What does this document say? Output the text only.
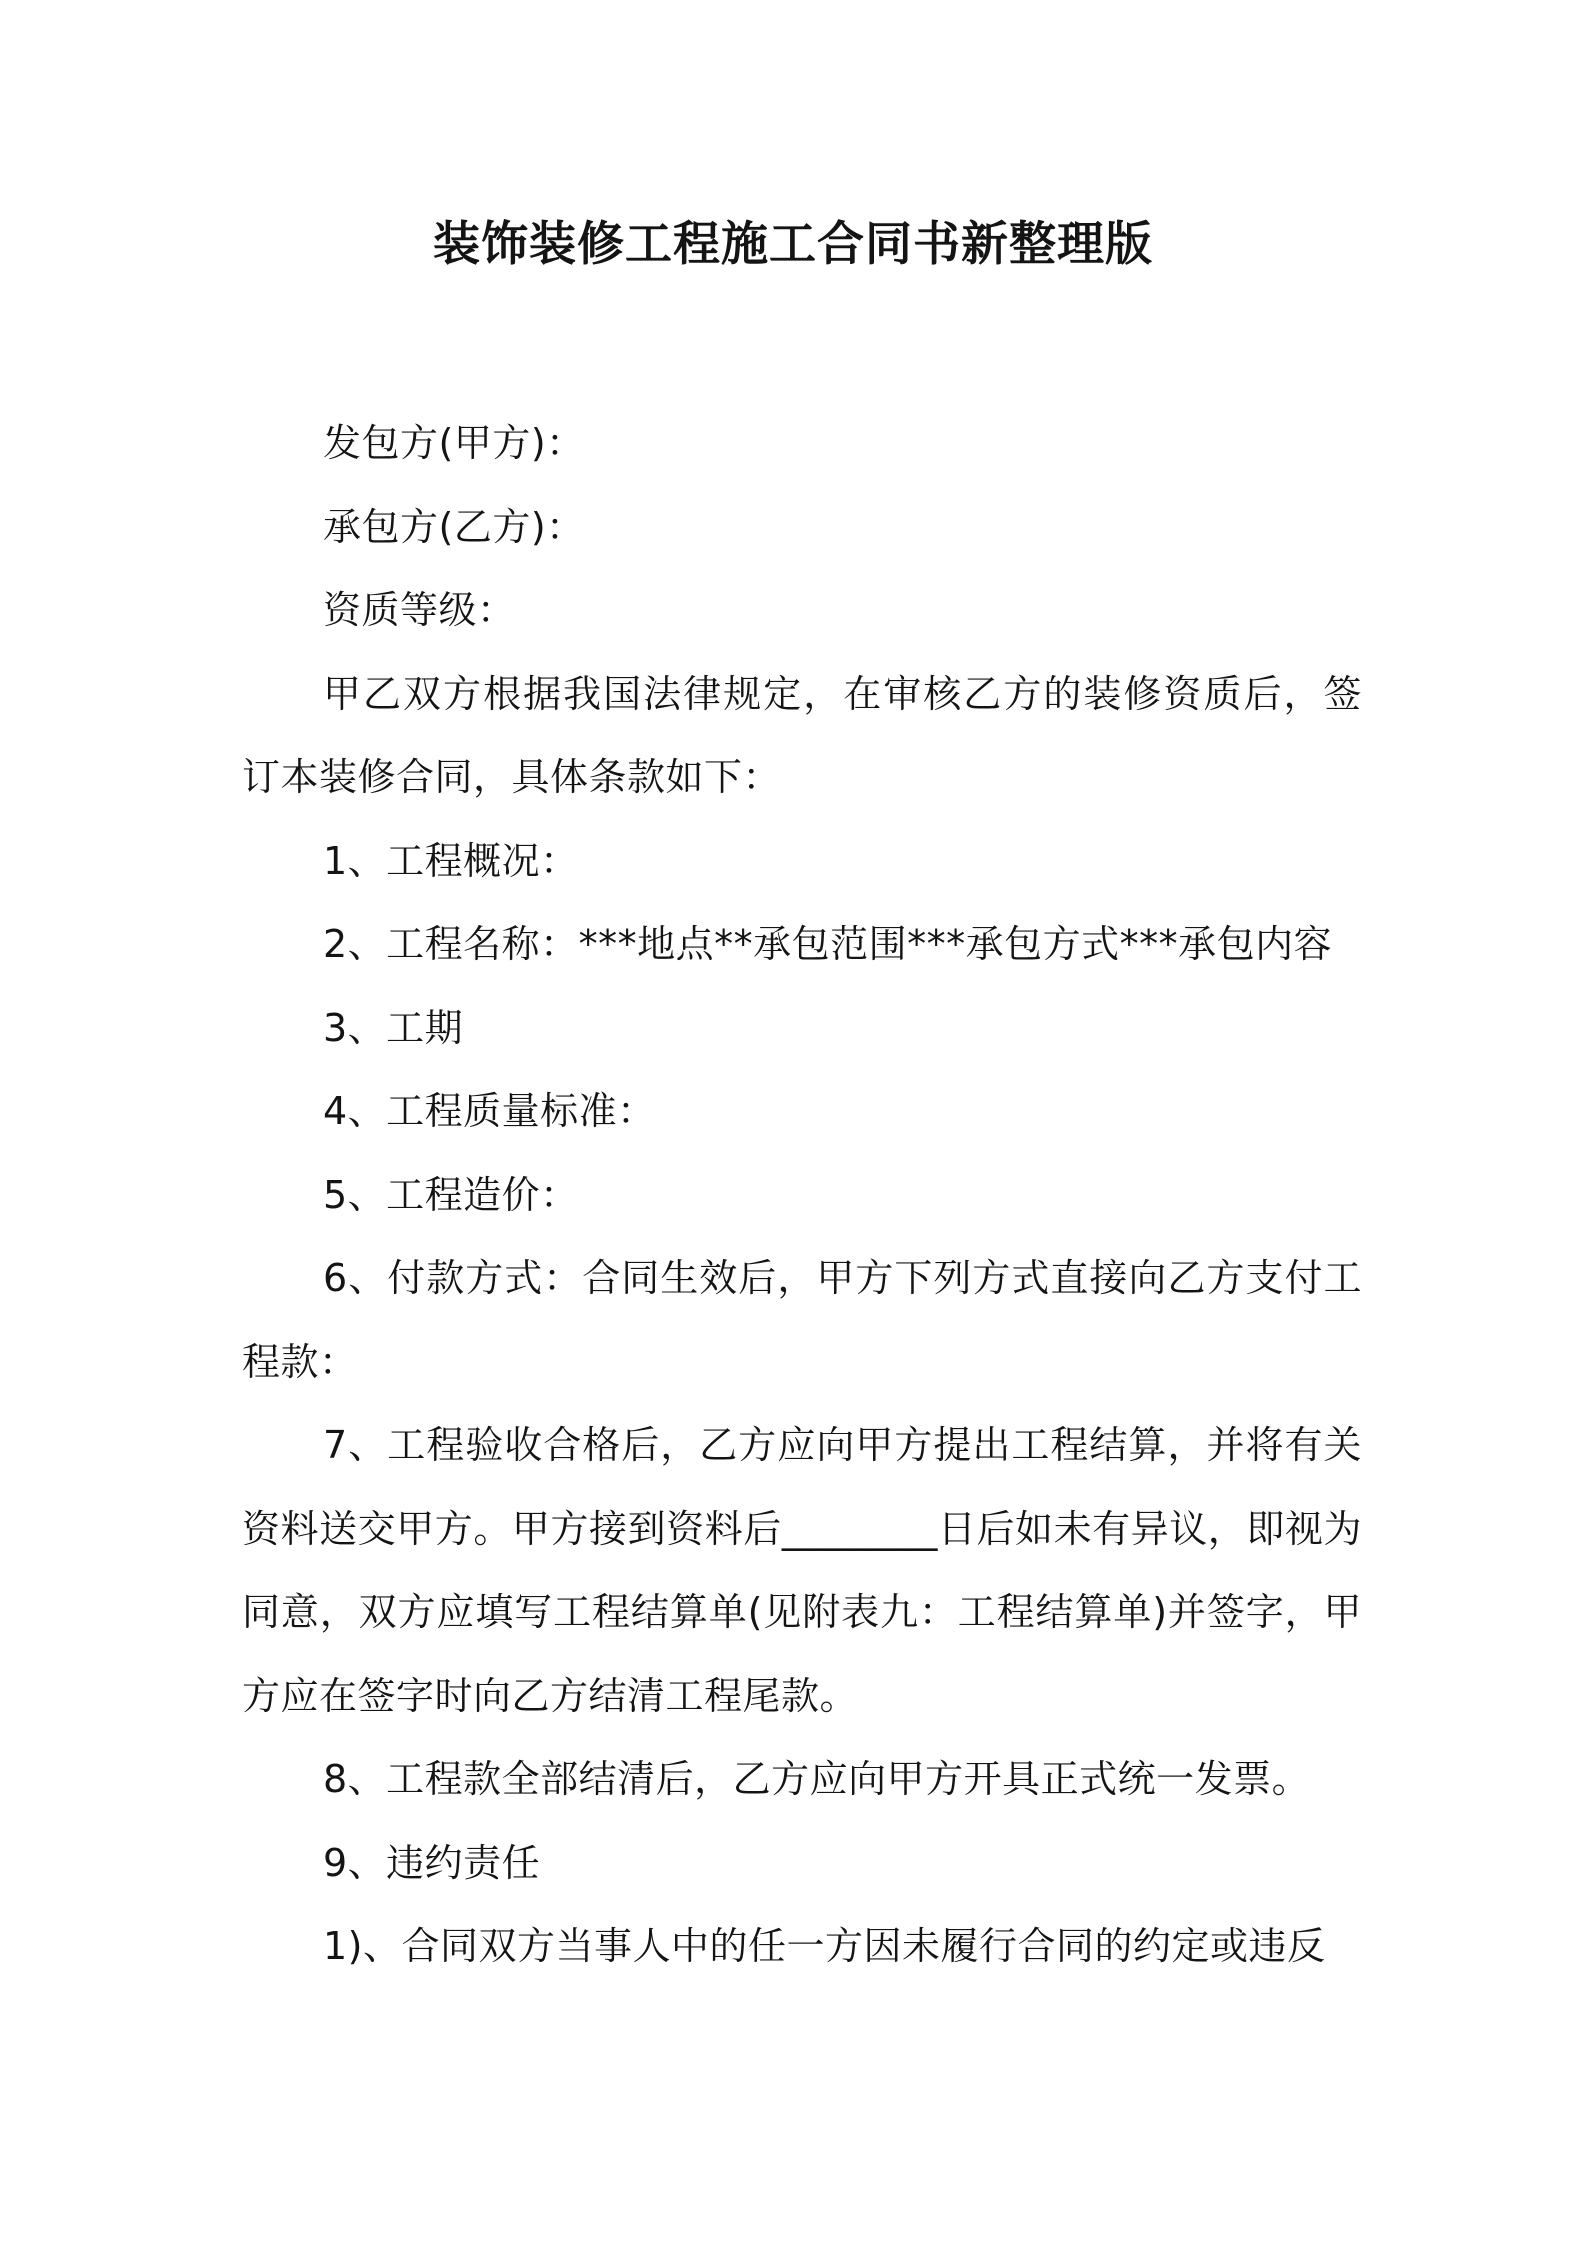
装饰装修工程施工合同书新整理版

发包方(甲方)：

承包方(乙方)：

资质等级：

甲乙双方根据我国法律规定，在审核乙方的装修资质后，签订本装修合同，具体条款如下：

1、工程概况：

2、工程名称：***地点**承包范围***承包方式***承包内容

3、工期

4、工程质量标准：

5、工程造价：

6、付款方式：合同生效后，甲方下列方式直接向乙方支付工程款：

7、工程验收合格后，乙方应向甲方提出工程结算，并将有关资料送交甲方。甲方接到资料后________日后如未有异议，即视为同意，双方应填写工程结算单(见附表九：工程结算单)并签字，甲方应在签字时向乙方结清工程尾款。

8、工程款全部结清后，乙方应向甲方开具正式统一发票。

9、违约责任

1)、合同双方当事人中的任一方因未履行合同的约定或违反
